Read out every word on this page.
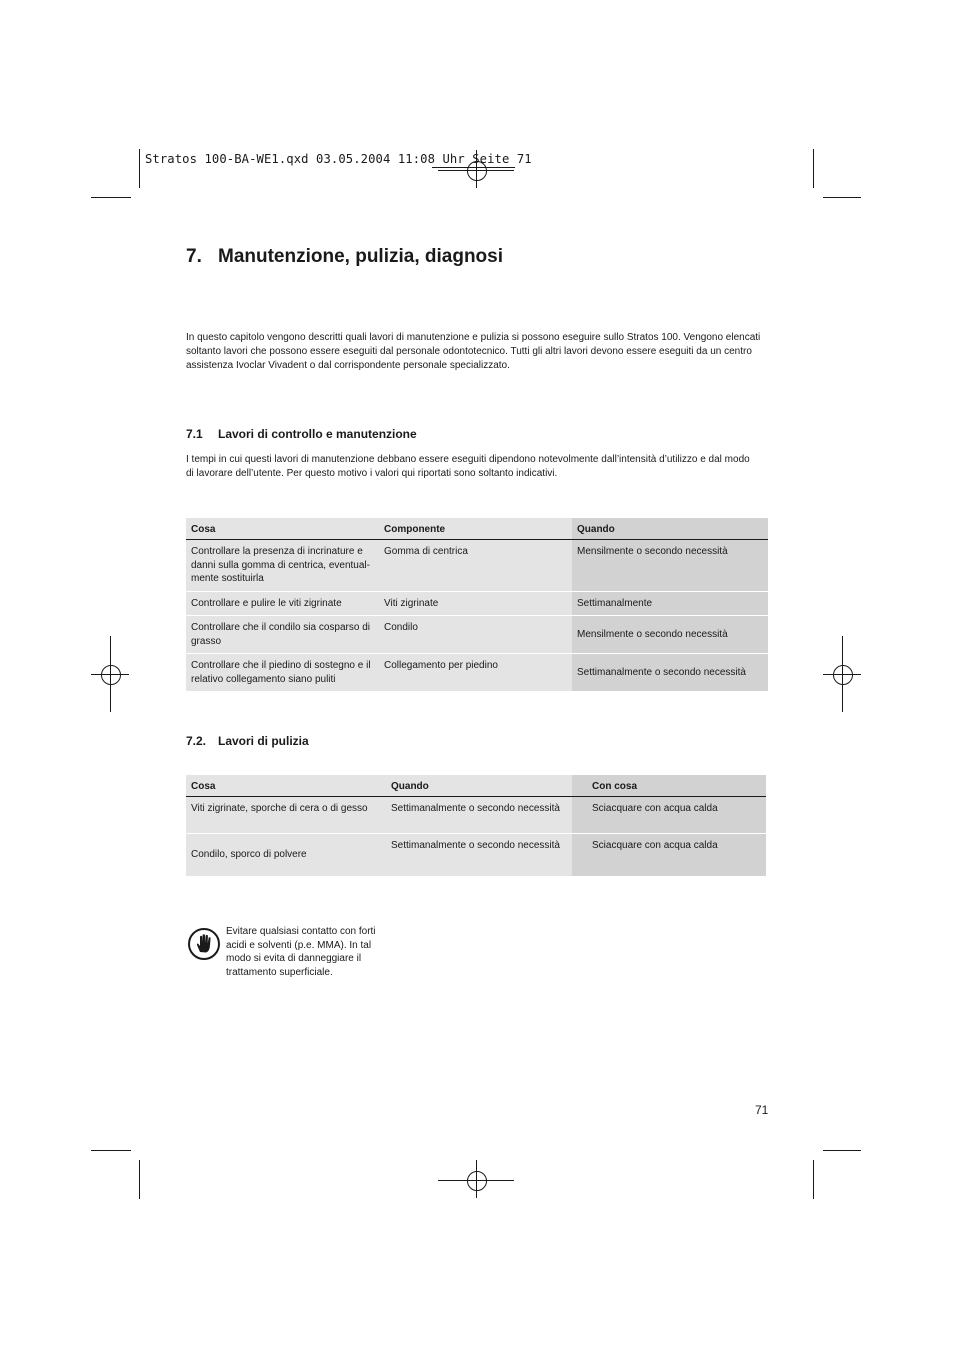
Stratos 100-BA-WE1.qxd 03.05.2004 11:08 Uhr Seite 71
7. Manutenzione, pulizia, diagnosi

In questo capitolo vengono descritti quali lavori di manutenzione e pulizia si possono eseguire sullo Stratos 100. Vengono elencati soltanto lavori che possono essere eseguiti dal personale odontotecnico. Tutti gli altri lavori devono essere eseguiti da un centro assistenza Ivoclar Vivadent o dal corrispondente personale specializzato.

7.1 Lavori di controllo e manutenzione

I tempi in cui questi lavori di manutenzione debbano essere eseguiti dipendono notevolmente dall’intensità d’utilizzo e dal modo di lavorare dell’utente. Per questo motivo i valori qui riportati sono soltanto indicativi.

Cosa	Componente	Quando
Controllare la presenza di incrinature e danni sulla gomma di centrica, eventual-mente sostituirla	Gomma di centrica	Mensilmente o secondo necessità
Controllare e pulire le viti zigrinate	Viti zigrinate	Settimanalmente
Controllare che il condilo sia cosparso di grasso	Condilo	Mensilmente o secondo necessità
Controllare che il piedino di sostegno e il relativo collegamento siano puliti	Collegamento per piedino	Settimanalmente o secondo necessità
7.2. Lavori di pulizia
Cosa	Quando	Con cosa
Viti zigrinate, sporche di cera o di gesso	Settimanalmente o secondo necessità	Sciacquare con acqua calda
Condilo, sporco di polvere	Settimanalmente o secondo necessità	Sciacquare con acqua calda

Evitare qualsiasi contatto con forti acidi e solventi (p.e. MMA). In tal modo si evita di danneggiare il trattamento superficiale.

71
